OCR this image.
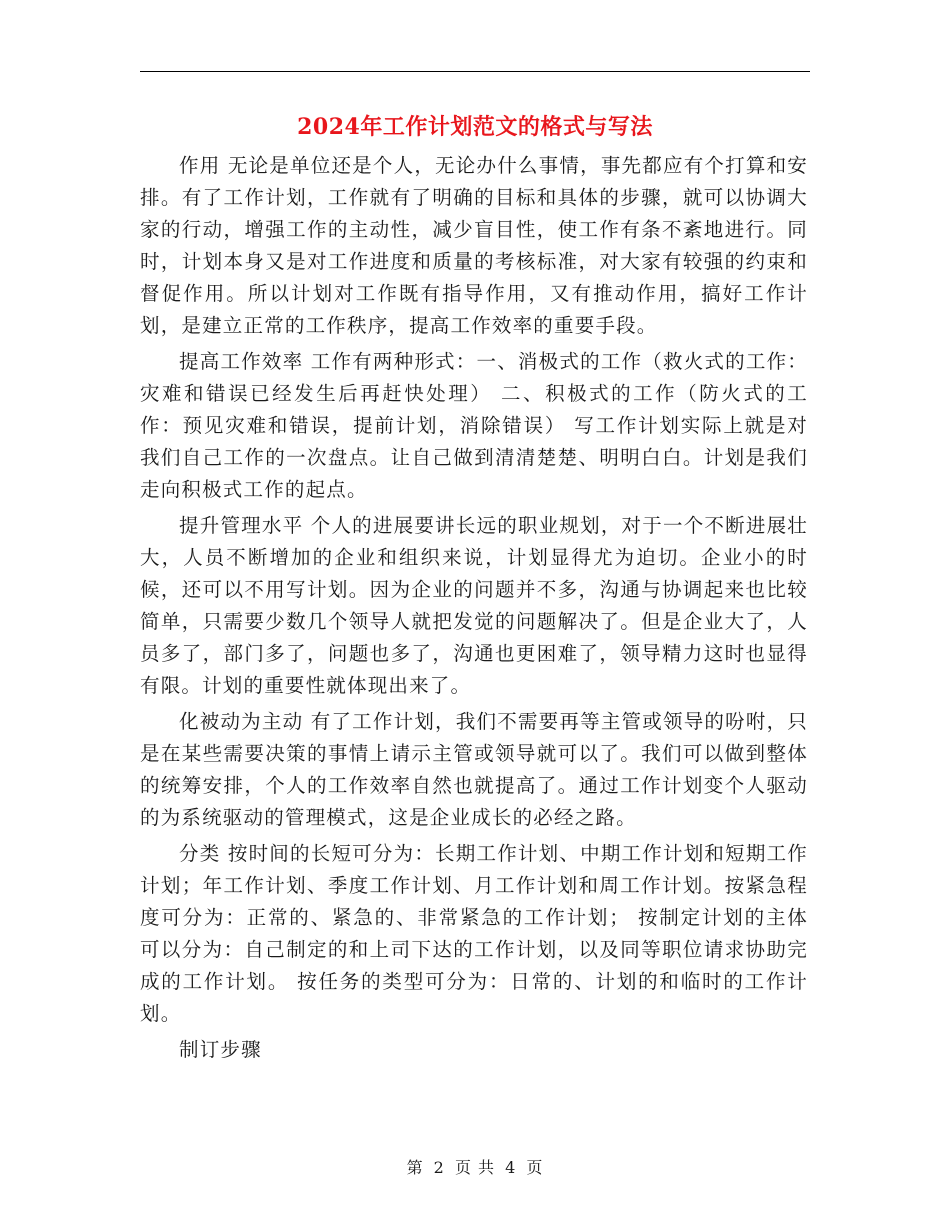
2024年工作计划范文的格式与写法

作用 无论是单位还是个人，无论办什么事情，事先都应有个打算和安排。有了工作计划，工作就有了明确的目标和具体的步骤，就可以协调大家的行动，增强工作的主动性，减少盲目性，使工作有条不紊地进行。同时，计划本身又是对工作进度和质量的考核标准，对大家有较强的约束和督促作用。所以计划对工作既有指导作用，又有推动作用，搞好工作计划，是建立正常的工作秩序，提高工作效率的重要手段。

提高工作效率 工作有两种形式：一、消极式的工作（救火式的工作：灾难和错误已经发生后再赶快处理） 二、积极式的工作（防火式的工作：预见灾难和错误，提前计划，消除错误） 写工作计划实际上就是对我们自己工作的一次盘点。让自己做到清清楚楚、明明白白。计划是我们走向积极式工作的起点。

提升管理水平 个人的进展要讲长远的职业规划，对于一个不断进展壮大，人员不断增加的企业和组织来说，计划显得尤为迫切。企业小的时候，还可以不用写计划。因为企业的问题并不多，沟通与协调起来也比较简单，只需要少数几个领导人就把发觉的问题解决了。但是企业大了，人员多了，部门多了，问题也多了，沟通也更困难了，领导精力这时也显得有限。计划的重要性就体现出来了。

化被动为主动 有了工作计划，我们不需要再等主管或领导的吩咐，只是在某些需要决策的事情上请示主管或领导就可以了。我们可以做到整体的统筹安排，个人的工作效率自然也就提高了。通过工作计划变个人驱动的为系统驱动的管理模式，这是企业成长的必经之路。

分类 按时间的长短可分为：长期工作计划、中期工作计划和短期工作计划；年工作计划、季度工作计划、月工作计划和周工作计划。按紧急程度可分为：正常的、紧急的、非常紧急的工作计划； 按制定计划的主体可以分为：自己制定的和上司下达的工作计划，以及同等职位请求协助完成的工作计划。 按任务的类型可分为：日常的、计划的和临时的工作计划。

制订步骤

第 2 页 共 4 页
